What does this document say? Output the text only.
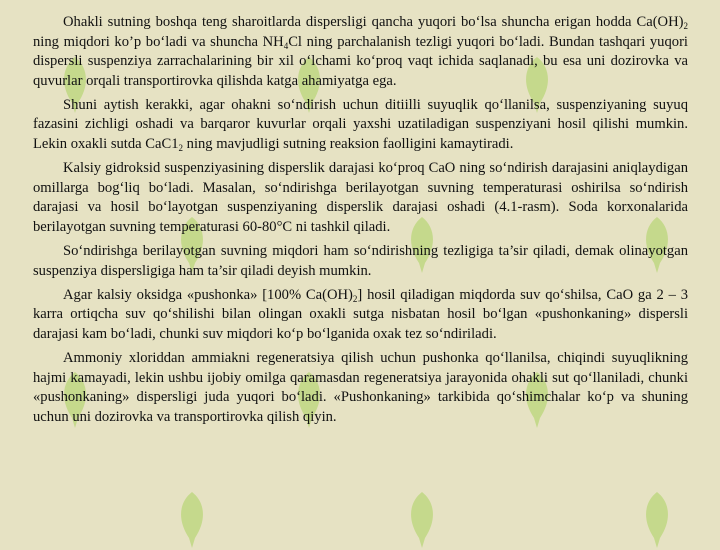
Ohakli sutning boshqa teng sharoitlarda dispersligi qancha yuqori bo‘lsa shuncha erigan hodda $Ca(OH)_2$ ning miqdori ko’p bo‘ladi va shuncha $NH_4Cl$ ning parchalanish tezligi yuqori bo‘ladi. Bundan tashqari yuqori dispersli suspenziya zarrachalarining bir xil o‘lchami ko‘proq vaqt ichida saqlanadi, bu esa uni dozirovka va quvurlar orqali transportirovka qilishda katga ahamiyatga ega.

Shuni aytish kerakki, agar ohakni so‘ndirish uchun ditiilli suyuqlik qo‘llanilsa, suspenziyaning suyuq fazasini zichligi oshadi va barqaror kuvurlar orqali yaxshi uzatiladigan suspenziyani hosil qilishi mumkin. Lekin oxakli sutda $CaC1_2$ ning mavjudligi sutning reaksion faolligini kamaytiradi.

Kalsiy gidroksid suspenziyasining disperslik darajasi ko‘proq CaO ning so‘ndirish darajasini aniqlaydigan omillarga bog‘liq bo‘ladi. Masalan, so‘ndirishga berilayotgan suvning temperaturasi oshirilsa so‘ndirish darajasi va hosil bo‘layotgan suspenziyaning disperslik darajasi oshadi (4.1-rasm). Soda korxonalarida berilayotgan suvning temperaturasi 60-80°C ni tashkil qiladi.

So‘ndirishga berilayotgan suvning miqdori ham so‘ndirishning tezligiga ta’sir qiladi, demak olinayotgan suspenziya dispersligiga ham ta’sir qiladi deyish mumkin.

Agar kalsiy oksidga «pushonka» [100% $Ca(OH)_2$] hosil qiladigan miqdorda suv qo‘shilsa, CaO ga 2 – 3 karra ortiqcha suv qo‘shilishi bilan olingan oxakli sutga nisbatan hosil bo‘lgan «pushonkaning» dispersli darajasi kam bo‘ladi, chunki suv miqdori ko‘p bo‘lganida oxak tez so‘ndiriladi.

Ammoniy xloriddan ammiakni regeneratsiya qilish uchun pushonka qo‘llanilsa, chiqindi suyuqlikning hajmi kamayadi, lekin ushbu ijobiy omilga qaramasdan regeneratsiya jarayonida ohakli sut qo‘llaniladi, chunki «pushonkaning» dispersligi juda yuqori bo‘ladi. «Pushonkaning» tarkibida qo‘shimchalar ko‘p va shuning uchun uni dozirovka va transportirovka qilish qiyin.
